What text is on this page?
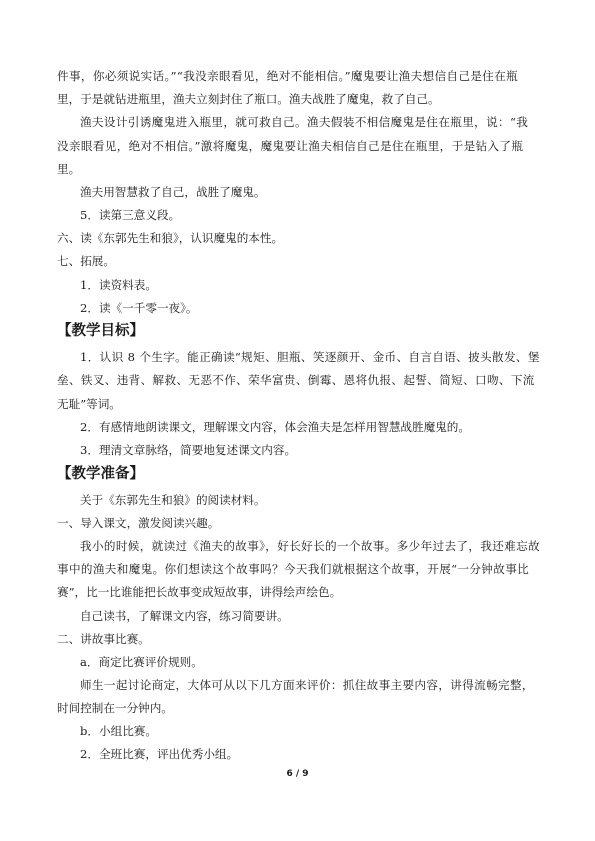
件事，你必须说实话。”“我没亲眼看见，绝对不能相信。”魔鬼要让渔夫想信自己是住在瓶
里，于是就钻进瓶里，渔夫立刻封住了瓶口。渔夫战胜了魔鬼，救了自己。
渔夫设计引诱魔鬼进入瓶里，就可救自己。渔夫假装不相信魔鬼是住在瓶里，说：“我
没亲眼看见，绝对不相信。”激将魔鬼，魔鬼要让渔夫相信自己是住在瓶里，于是钻入了瓶
里。
渔夫用智慧救了自己，战胜了魔鬼。
5．读第三意义段。
六、读《东郭先生和狼》，认识魔鬼的本性。
七、拓展。
1．读资料表。
2．读《一千零一夜》。
【教学目标】
1．认识 8 个生字。能正确读“规矩、胆瓶、笑逐颜开、金币、自言自语、披头散发、堡
垒、铁叉、违背、解救、无恶不作、荣华富贵、倒霉、恩将仇报、起誓、简短、口吻、下流
无耻”等词。
2．有感情地朗读课文，理解课文内容，体会渔夫是怎样用智慧战胜魔鬼的。
3．理清文章脉络，简要地复述课文内容。
【教学准备】
关于《东郭先生和狼》的阅读材料。
一、导入课文，激发阅读兴趣。
我小的时候，就读过《渔夫的故事》，好长好长的一个故事。多少年过去了，我还难忘故
事中的渔夫和魔鬼。你们想读这个故事吗？今天我们就根据这个故事，开展“一分钟故事比
赛”，比一比谁能把长故事变成短故事，讲得绘声绘色。
自己读书，了解课文内容，练习简要讲。
二、讲故事比赛。
a．商定比赛评价规则。
师生一起讨论商定，大体可从以下几方面来评价：抓住故事主要内容，讲得流畅完整，
时间控制在一分钟内。
b．小组比赛。
2．全班比赛，评出优秀小组。
6 / 9
